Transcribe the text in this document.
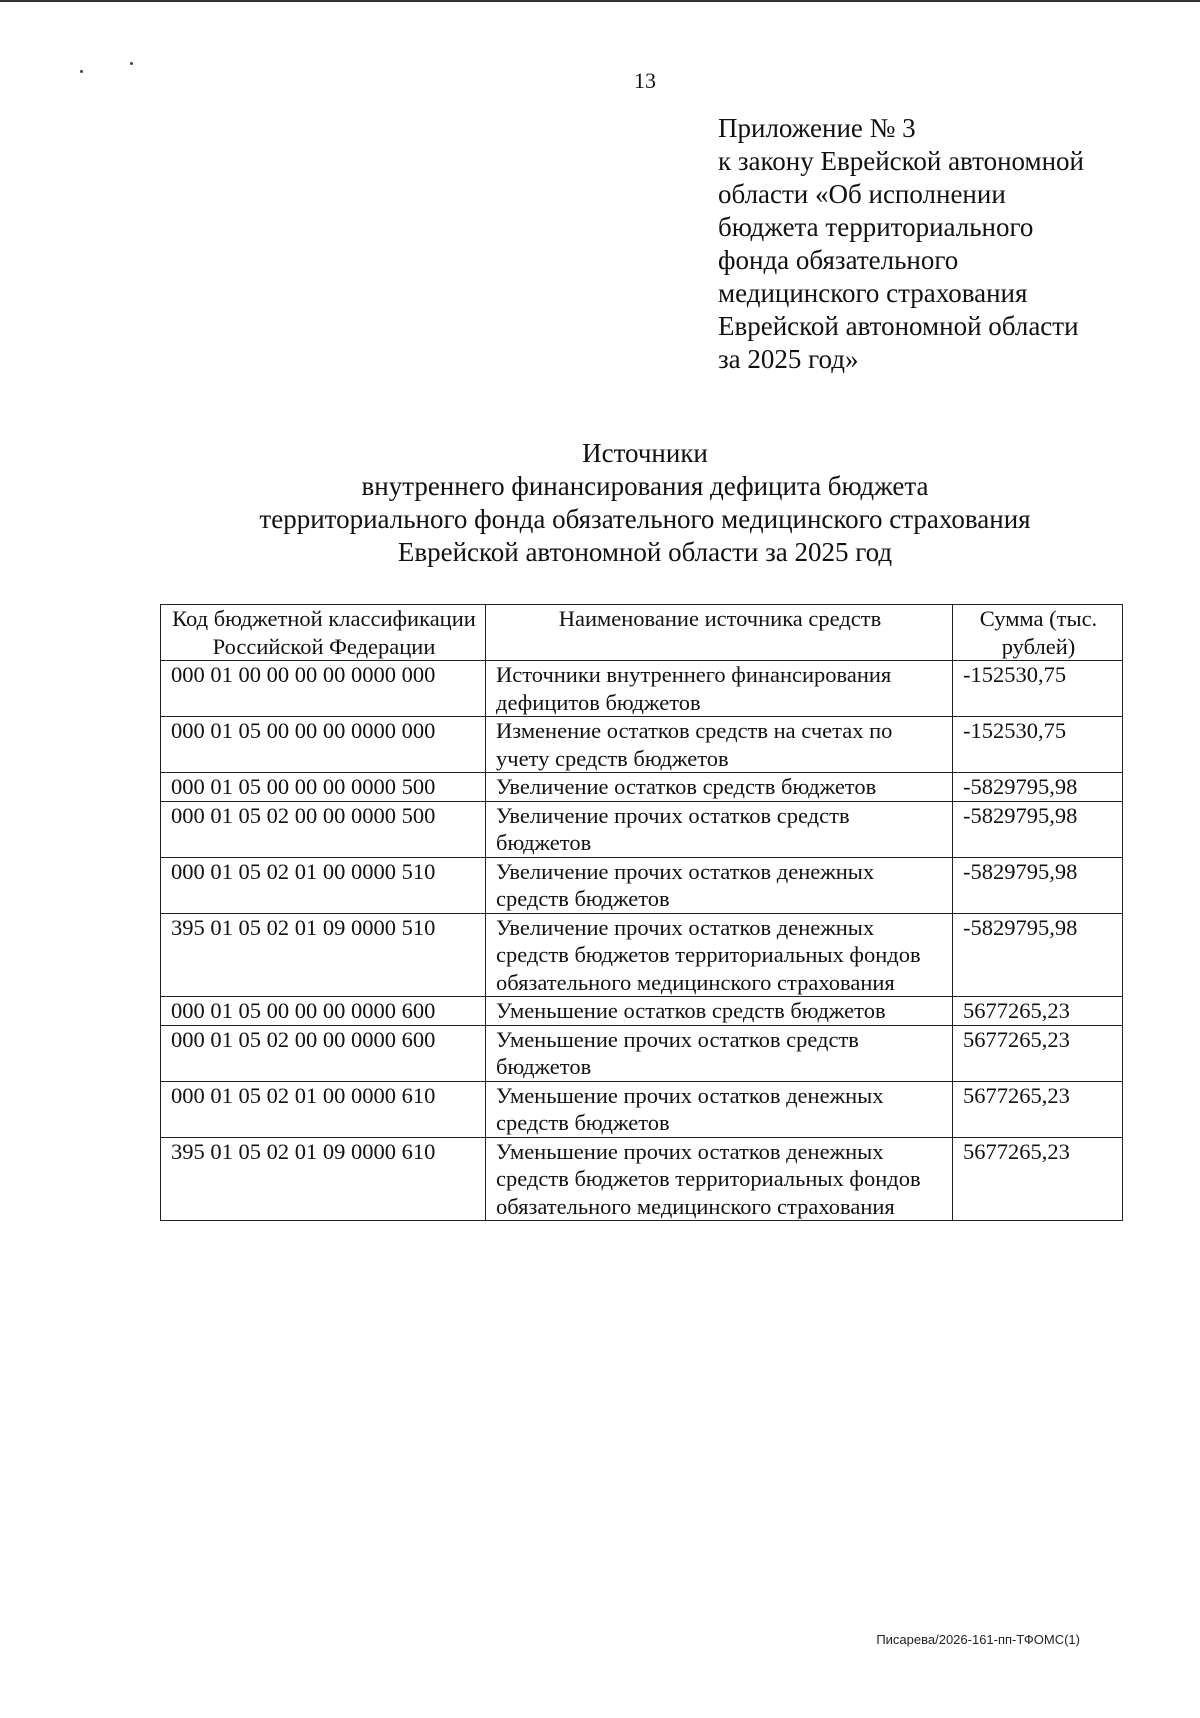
13
Приложение № 3
к закону Еврейской автономной
области «Об исполнении
бюджета территориального
фонда обязательного
медицинского страхования
Еврейской автономной области
за 2025 год»
Источники
внутреннего финансирования дефицита бюджета
территориального фонда обязательного медицинского страхования
Еврейской автономной области за 2025 год
Код бюджетной классификации Российской Федерации	Наименование источника средств	Сумма (тыс. рублей)
000 01 00 00 00 00 0000 000	Источники внутреннего финансирования дефицитов бюджетов	-152530,75
000 01 05 00 00 00 0000 000	Изменение остатков средств на счетах по учету средств бюджетов	-152530,75
000 01 05 00 00 00 0000 500	Увеличение остатков средств бюджетов	-5829795,98
000 01 05 02 00 00 0000 500	Увеличение прочих остатков средств бюджетов	-5829795,98
000 01 05 02 01 00 0000 510	Увеличение прочих остатков денежных средств бюджетов	-5829795,98
395 01 05 02 01 09 0000 510	Увеличение прочих остатков денежных средств бюджетов территориальных фондов обязательного медицинского страхования	-5829795,98
000 01 05 00 00 00 0000 600	Уменьшение остатков средств бюджетов	5677265,23
000 01 05 02 00 00 0000 600	Уменьшение прочих остатков средств бюджетов	5677265,23
000 01 05 02 01 00 0000 610	Уменьшение прочих остатков денежных средств бюджетов	5677265,23
395 01 05 02 01 09 0000 610	Уменьшение прочих остатков денежных средств бюджетов территориальных фондов обязательного медицинского страхования	5677265,23
Писарева/2026-161-пп-ТФОМС(1)
